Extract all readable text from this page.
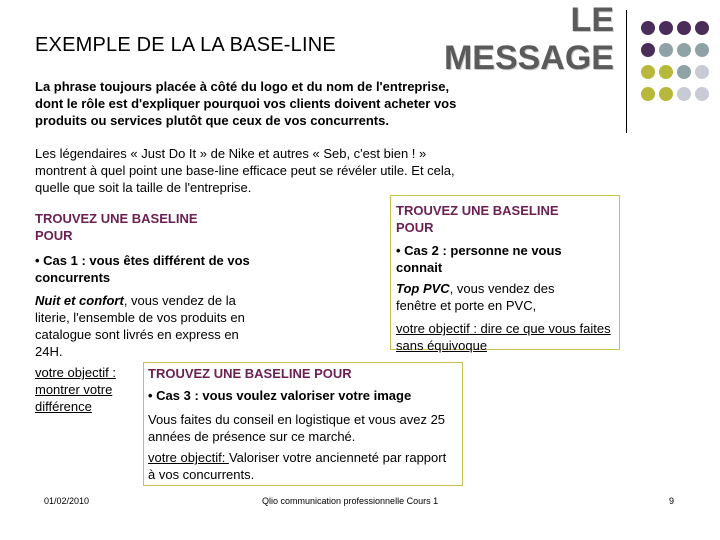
EXEMPLE DE LA LA BASE-LINE
LE
MESSAGE
La phrase toujours placée à côté du logo et du nom de l'entreprise, dont le rôle est d'expliquer pourquoi vos clients doivent acheter vos produits ou services plutôt que ceux de vos concurrents.
Les légendaires « Just Do It » de Nike et autres « Seb, c'est bien ! » montrent à quel point une base-line efficace peut se révéler utile. Et cela, quelle que soit la taille de l'entreprise.
TROUVEZ UNE BASELINE POUR
• Cas 1 : vous êtes différent de vos concurrents
Nuit et confort, vous vendez de la literie, l'ensemble de vos produits en catalogue sont livrés en express en 24H.
votre objectif : montrer votre différence
TROUVEZ UNE BASELINE POUR
• Cas 2 : personne ne vous connait
Top PVC, vous vendez des fenêtre et porte en PVC,
votre objectif : dire ce que vous faites sans équivoque
TROUVEZ UNE BASELINE POUR
• Cas 3 : vous voulez valoriser votre image
Vous faites du conseil en logistique et vous avez 25 années de présence sur ce marché.
votre objectif: Valoriser votre ancienneté par rapport à vos concurrents.
01/02/2010	Qlio communication professionnelle Cours 1	9
